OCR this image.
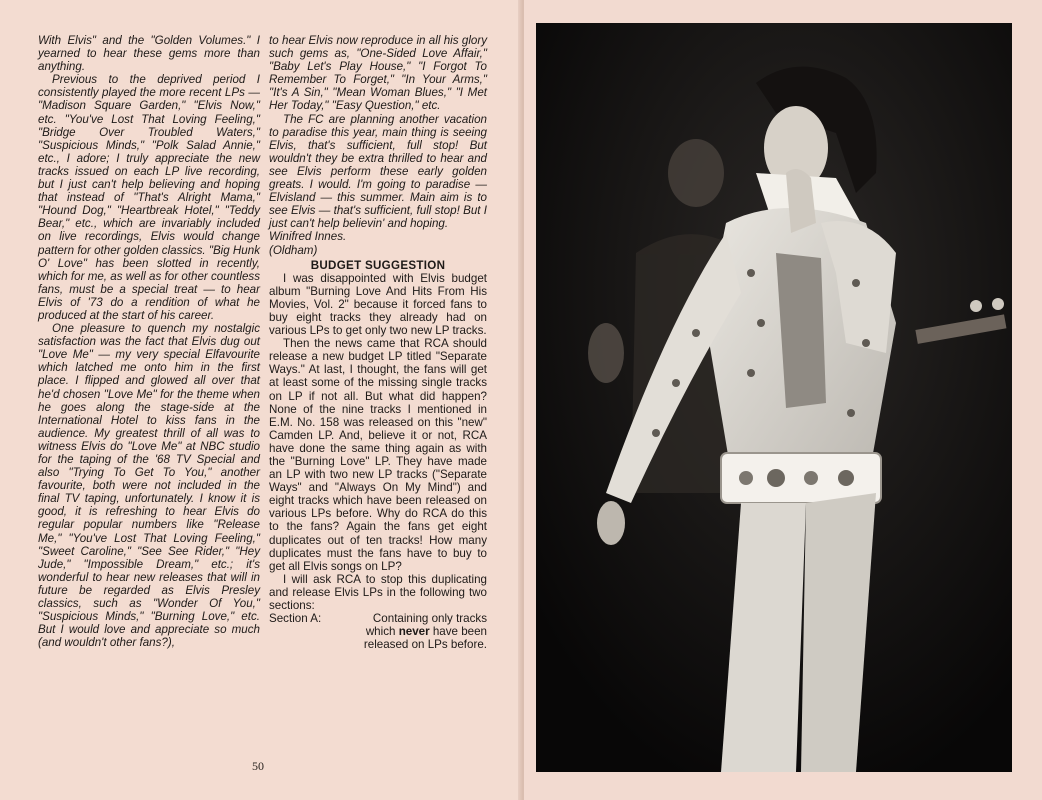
With Elvis" and the "Golden Volumes." I yearned to hear these gems more than anything.

Previous to the deprived period I consistently played the more recent LPs — "Madison Square Garden," "Elvis Now," etc. "You've Lost That Loving Feeling," "Bridge Over Troubled Waters," "Suspicious Minds," "Polk Salad Annie," etc., I adore; I truly appreciate the new tracks issued on each LP live recording, but I just can't help believing and hoping that instead of "That's Alright Mama," "Hound Dog," "Heartbreak Hotel," "Teddy Bear," etc., which are invariably included on live recordings, Elvis would change pattern for other golden classics. "Big Hunk O' Love" has been slotted in recently, which for me, as well as for other countless fans, must be a special treat — to hear Elvis of '73 do a rendition of what he produced at the start of his career.

One pleasure to quench my nostalgic satisfaction was the fact that Elvis dug out "Love Me" — my very special Elfavourite which latched me onto him in the first place. I flipped and glowed all over that he'd chosen "Love Me" for the theme when he goes along the stage-side at the International Hotel to kiss fans in the audience. My greatest thrill of all was to witness Elvis do "Love Me" at NBC studio for the taping of the '68 TV Special and also "Trying To Get To You," another favourite, both were not included in the final TV taping, unfortunately. I know it is good, it is refreshing to hear Elvis do regular popular numbers like "Release Me," "You've Lost That Loving Feeling," "Sweet Caroline," "See See Rider," "Hey Jude," "Impossible Dream," etc.; it's wonderful to hear new releases that will in future be regarded as Elvis Presley classics, such as "Wonder Of You," "Suspicious Minds," "Burning Love," etc. But I would love and appreciate so much (and wouldn't other fans?),

to hear Elvis now reproduce in all his glory such gems as, "One-Sided Love Affair," "Baby Let's Play House," "I Forgot To Remember To Forget," "In Your Arms," "It's A Sin," "Mean Woman Blues," "I Met Her Today," "Easy Question," etc.

The FC are planning another vacation to paradise this year, main thing is seeing Elvis, that's sufficient, full stop! But wouldn't they be extra thrilled to hear and see Elvis perform these early golden greats. I would. I'm going to paradise — Elvisland — this summer. Main aim is to see Elvis — that's sufficient, full stop! But I just can't help believin' and hoping.

Winifred Innes.

(Oldham)

BUDGET SUGGESTION

I was disappointed with Elvis budget album "Burning Love And Hits From His Movies, Vol. 2" because it forced fans to buy eight tracks they already had on various LPs to get only two new LP tracks.

Then the news came that RCA should release a new budget LP titled "Separate Ways." At last, I thought, the fans will get at least some of the missing single tracks on LP if not all. But what did happen? None of the nine tracks I mentioned in E.M. No. 158 was released on this "new" Camden LP. And, believe it or not, RCA have done the same thing again as with the "Burning Love" LP. They have made an LP with two new LP tracks ("Separate Ways" and "Always On My Mind") and eight tracks which have been released on various LPs before. Why do RCA do this to the fans? Again the fans get eight duplicates out of ten tracks! How many duplicates must the fans have to buy to get all Elvis songs on LP?

I will ask RCA to stop this duplicating and release Elvis LPs in the following two sections:

Section A:	Containing only tracks
which never have been
released on LPs before.
50
